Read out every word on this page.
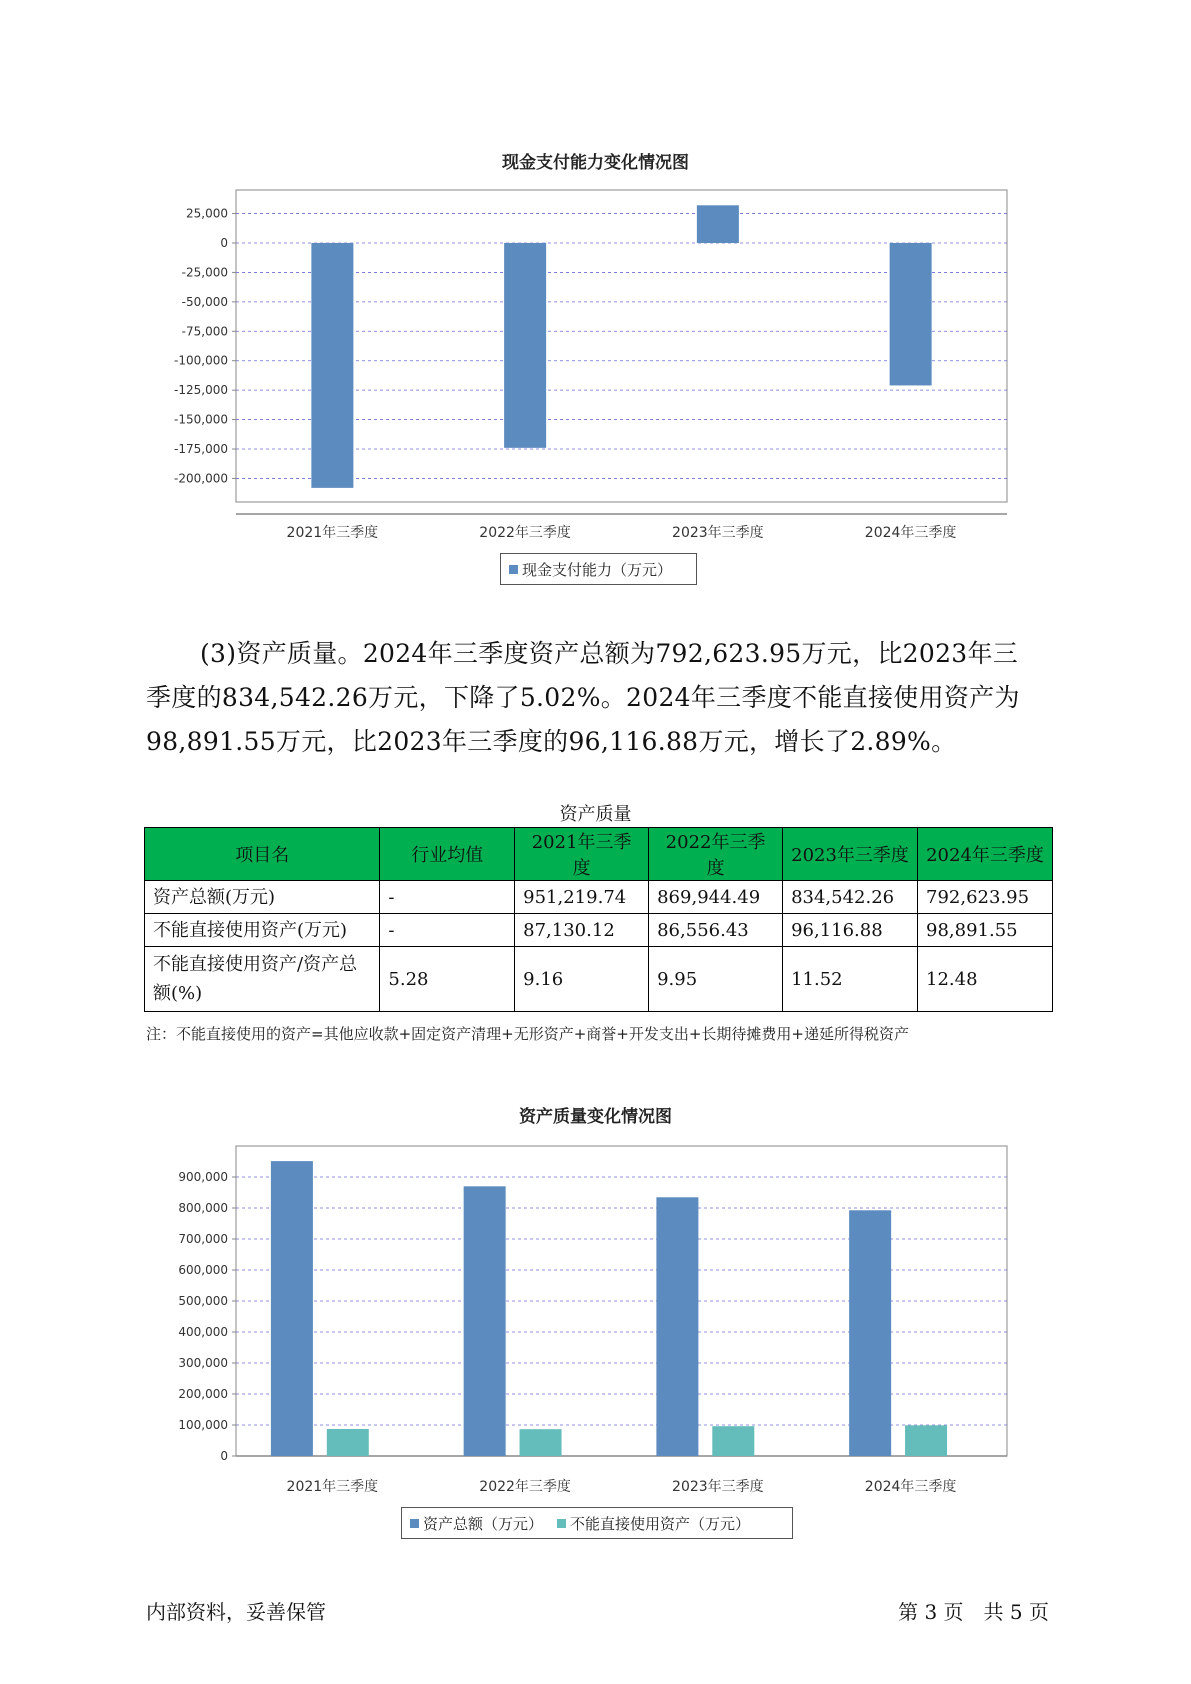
现金支付能力变化情况图
25,000
0
-25,000
-50,000
-75,000
-100,000
-125,000
-150,000
-175,000
-200,000
2021年三季度	2022年三季度	2023年三季度	2024年三季度
现金支付能力（万元）

(3)资产质量。2024年三季度资产总额为792,623.95万元，比2023年三

季度的834,542.26万元，下降了5.02%。2024年三季度不能直接使用资产为

98,891.55万元，比2023年三季度的96,116.88万元，增长了2.89%。

资产质量
项目名	行业均值	2021年三季度	2022年三季度	2023年三季度	2024年三季度
资产总额(万元)	-	951,219.74	869,944.49	834,542.26	792,623.95
不能直接使用资产(万元)	-	87,130.12	86,556.43	96,116.88	98,891.55
不能直接使用资产/资产总额(%)	5.28	9.16	9.95	11.52	12.48
注：不能直接使用的资产=其他应收款+固定资产清理+无形资产+商誉+开发支出+长期待摊费用+递延所得税资产
资产质量变化情况图
0
100,000
200,000
300,000
400,000
500,000
600,000
700,000
800,000
900,000
2021年三季度	2022年三季度	2023年三季度	2024年三季度
资产总额（万元） 不能直接使用资产（万元）
内部资料，妥善保管	第 3 页　共 5 页
